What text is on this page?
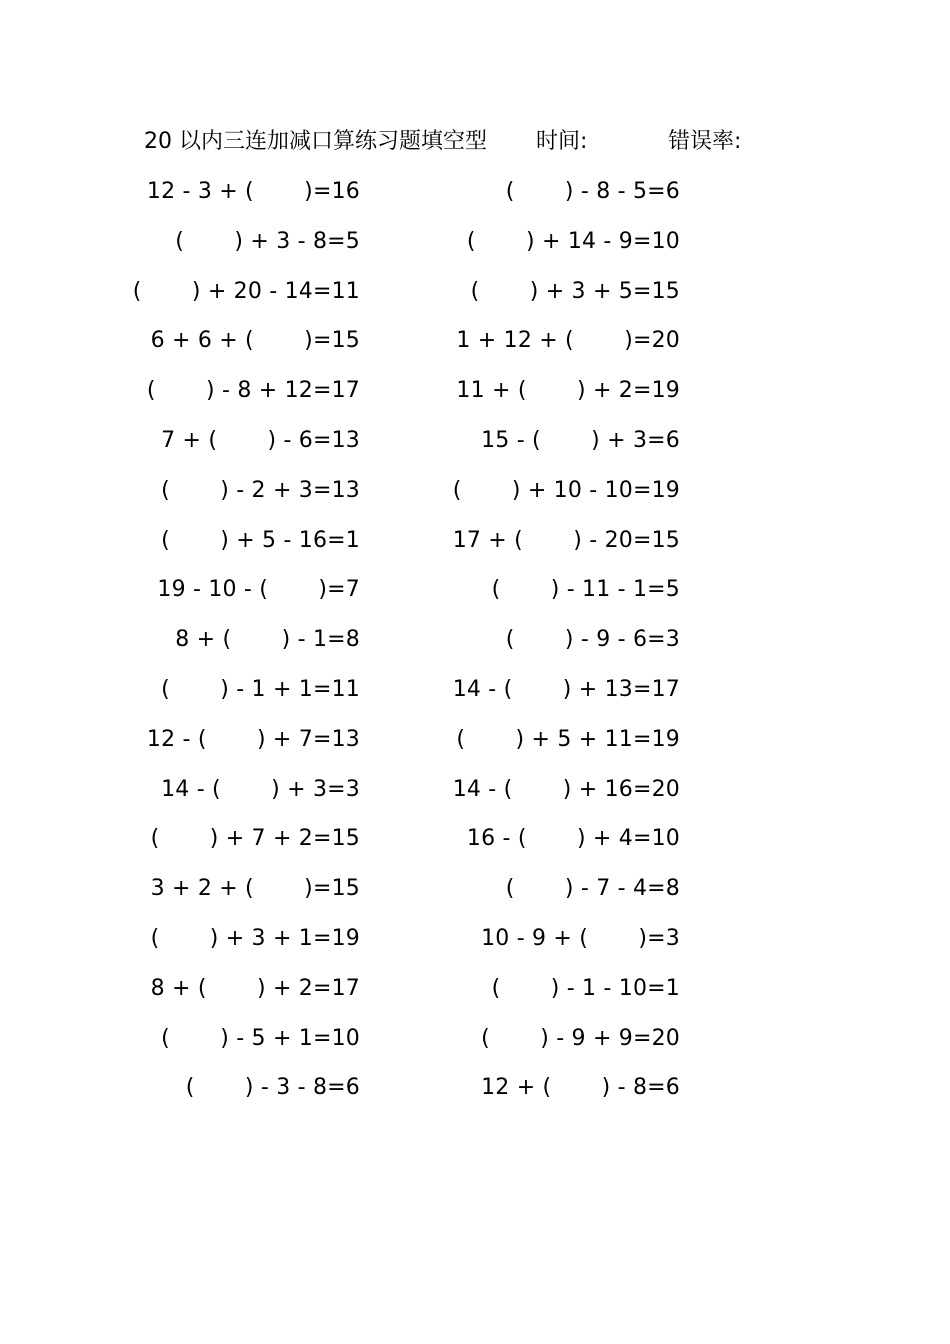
20 以内三连加减口算练习题填空型 时间:	错误率:
12 - 3 + (       )=16
(       ) + 3 - 8=5
(       ) + 20 - 14=11
6 + 6 + (       )=15
(       ) - 8 + 12=17
7 + (       ) - 6=13
(       ) - 2 + 3=13
(       ) + 5 - 16=1
19 - 10 - (       )=7
8 + (       ) - 1=8
(       ) - 1 + 1=11
12 - (       ) + 7=13
14 - (       ) + 3=3
(       ) + 7 + 2=15
3 + 2 + (       )=15
(       ) + 3 + 1=19
8 + (       ) + 2=17
(       ) - 5 + 1=10
(       ) - 3 - 8=6
(       ) - 8 - 5=6
(       ) + 14 - 9=10
(       ) + 3 + 5=15
1 + 12 + (       )=20
11 + (       ) + 2=19
15 - (       ) + 3=6
(       ) + 10 - 10=19
17 + (       ) - 20=15
(       ) - 11 - 1=5
(       ) - 9 - 6=3
14 - (       ) + 13=17
(       ) + 5 + 11=19
14 - (       ) + 16=20
16 - (       ) + 4=10
(       ) - 7 - 4=8
10 - 9 + (       )=3
(       ) - 1 - 10=1
(       ) - 9 + 9=20
12 + (       ) - 8=6
